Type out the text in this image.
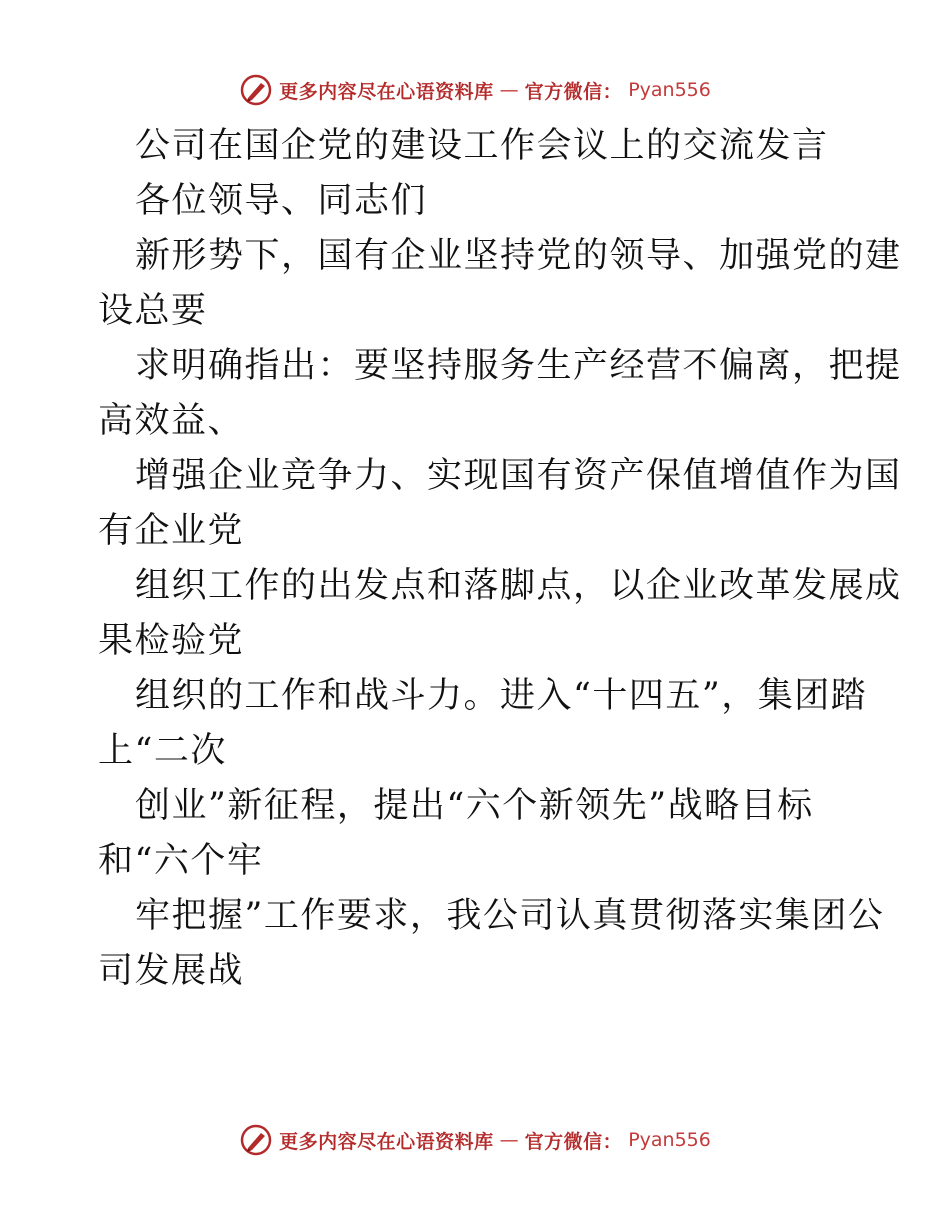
更多内容尽在心语资料库 — 官方微信： Pyan556

公司在国企党的建设工作会议上的交流发言

各位领导、同志们

新形势下，国有企业坚持党的领导、加强党的建

设总要

求明确指出：要坚持服务生产经营不偏离，把提

高效益、

增强企业竞争力、实现国有资产保值增值作为国

有企业党

组织工作的出发点和落脚点，以企业改革发展成

果检验党

组织的工作和战斗力。进入“十四五”，集团踏

上“二次

创业”新征程，提出“六个新领先”战略目标

和“六个牢

牢把握”工作要求，我公司认真贯彻落实集团公

司发展战

更多内容尽在心语资料库 — 官方微信： Pyan556
